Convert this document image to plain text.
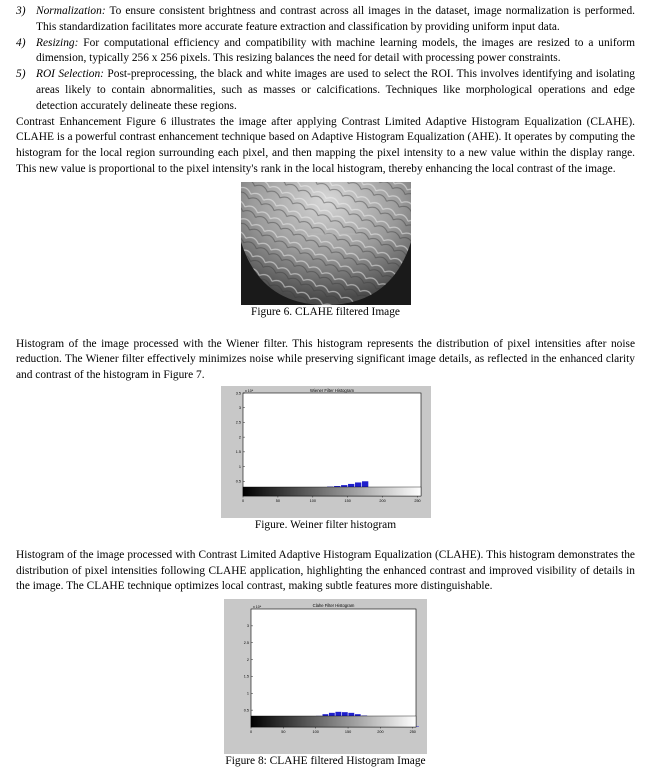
3) Normalization: To ensure consistent brightness and contrast across all images in the dataset, image normalization is performed. This standardization facilitates more accurate feature extraction and classification by providing uniform input data.
4) Resizing: For computational efficiency and compatibility with machine learning models, the images are resized to a uniform dimension, typically 256 x 256 pixels. This resizing balances the need for detail with processing power constraints.
5) ROI Selection: Post-preprocessing, the black and white images are used to select the ROI. This involves identifying and isolating areas likely to contain abnormalities, such as masses or calcifications. Techniques like morphological operations and edge detection accurately delineate these regions.

Contrast Enhancement Figure 6 illustrates the image after applying Contrast Limited Adaptive Histogram Equalization (CLAHE). CLAHE is a powerful contrast enhancement technique based on Adaptive Histogram Equalization (AHE). It operates by computing the histogram for the local region surrounding each pixel, and then mapping the pixel intensity to a new value within the display range. This new value is proportional to the pixel intensity's rank in the local histogram, thereby enhancing the local contrast of the image.

Figure 6. CLAHE filtered Image

Histogram of the image processed with the Wiener filter. This histogram represents the distribution of pixel intensities after noise reduction. The Wiener filter effectively minimizes noise while preserving significant image details, as reflected in the enhanced clarity and contrast of the histogram in Figure 7.

Wiener Filter Histogram
x 10⁴
0.5
1
1.5
2
2.5
3
3.5
0	50	100	150	200	250
Figure. Weiner filter histogram

Histogram of the image processed with Contrast Limited Adaptive Histogram Equalization (CLAHE). This histogram demonstrates the distribution of pixel intensities following CLAHE application, highlighting the enhanced contrast and improved visibility of details in the image. The CLAHE technique optimizes local contrast, making subtle features more distinguishable.

Clahe Filter Histogram
x 10⁴
0.5
1
1.5
2
2.5
3
0	50	100	150	200	250
Figure 8: CLAHE filtered Histogram Image
